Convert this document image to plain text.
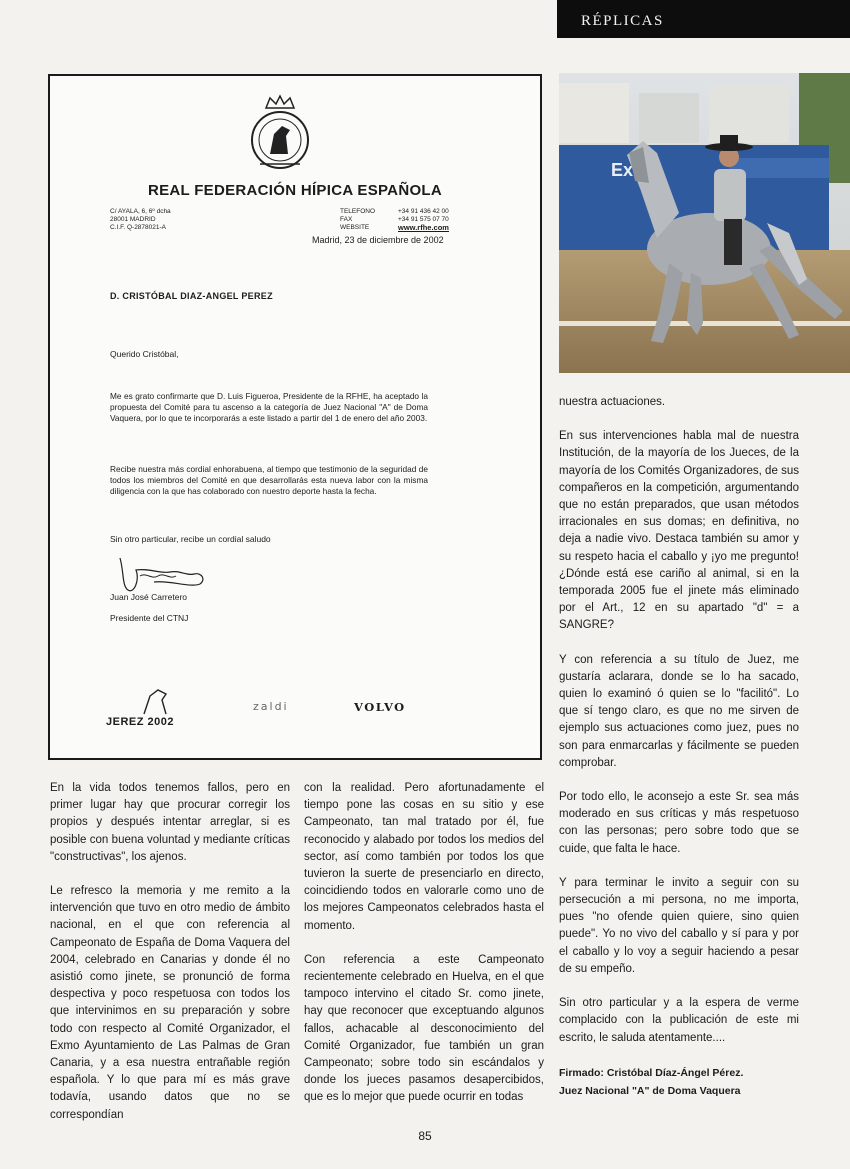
RÉPLICAS
Ex
REAL FEDERACIÓN HÍPICA ESPAÑOLA
C/ AYALA, 6, 6º dcha
28001 MADRID
C.I.F. Q-2878021-A
TELEFONO	+34 91 436 42 00
FAX	+34 91 575 07 70
WEBSITE	www.rfhe.com
Madrid, 23 de diciembre de 2002
D. CRISTÓBAL DIAZ-ANGEL PEREZ
Querido Cristóbal,
Me es grato confirmarte que D. Luis Figueroa, Presidente de la RFHE, ha aceptado la propuesta del Comité para tu ascenso a la categoría de Juez Nacional "A" de Doma Vaquera, por lo que te incorporarás a este listado a partir del 1 de enero del año 2003.
Recibe nuestra más cordial enhorabuena, al tiempo que testimonio de la seguridad de todos los miembros del Comité en que desarrollarás esta nueva labor con la misma diligencia con la que has colaborado con nuestro deporte hasta la fecha.
Sin otro particular, recibe un cordial saludo
Juan José Carretero
Presidente del CTNJ
JEREZ 2002
zaldi	VOLVO

En la vida todos tenemos fallos, pero en primer lugar hay que procurar corregir los propios y después intentar arreglar, si es posible con buena voluntad y mediante críticas "constructivas", los ajenos.

Le refresco la memoria y me remito a la intervención que tuvo en otro medio de ámbito nacional, en el que con referencia al Campeonato de España de Doma Vaquera del 2004, celebrado en Canarias y donde él no asistió como jinete, se pronunció de forma despectiva y poco respetuosa con todos los que intervinimos en su preparación y sobre todo con respecto al Comité Organizador, el Exmo Ayuntamiento de Las Palmas de Gran Canaria, y a esa nuestra entrañable región española. Y lo que para mí es más grave todavía, usando datos que no se correspondían

con la realidad. Pero afortunadamente el tiempo pone las cosas en su sitio y ese Campeonato, tan mal tratado por él, fue reconocido y alabado por todos los medios del sector, así como también por todos los que tuvieron la suerte de presenciarlo en directo, coincidiendo todos en valorarle como uno de los mejores Campeonatos celebrados hasta el momento.

Con referencia a este Campeonato recientemente celebrado en Huelva, en el que tampoco intervino el citado Sr. como jinete, hay que reconocer que exceptuando algunos fallos, achacable al desconocimiento del Comité Organizador, fue también un gran Campeonato; sobre todo sin escándalos y donde los jueces pasamos desapercibidos, que es lo mejor que puede ocurrir en todas

nuestra actuaciones.

En sus intervenciones habla mal de nuestra Institución, de la mayoría de los Jueces, de la mayoría de los Comités Organizadores, de sus compañeros en la competición, argumentando que no están preparados, que usan métodos irracionales en sus domas; en definitiva, no deja a nadie vivo. Destaca también su amor y su respeto hacia el caballo y ¡yo me pregunto! ¿Dónde está ese cariño al animal, si en la temporada 2005 fue el jinete más eliminado por el Art., 12 en su apartado "d" = a SANGRE?

Y con referencia a su título de Juez, me gustaría aclarara, donde se lo ha sacado, quien lo examinó ó quien se lo "facilitó". Lo que sí tengo claro, es que no me sirven de ejemplo sus actuaciones como juez, pues no son para enmarcarlas y fácilmente se pueden comprobar.

Por todo ello, le aconsejo a este Sr. sea más moderado en sus críticas y más respetuoso con las personas; pero sobre todo que se cuide, que falta le hace.

Y para terminar le invito a seguir con su persecución a mi persona, no me importa, pues "no ofende quien quiere, sino quien puede". Yo no vivo del caballo y sí para y por el caballo y lo voy a seguir haciendo a pesar de su empeño.

Sin otro particular y a la espera de verme complacido con la publicación de este mi escrito, le saluda atentamente....

Firmado: Cristóbal Díaz-Ángel Pérez.
Juez Nacional "A" de Doma Vaquera
85
